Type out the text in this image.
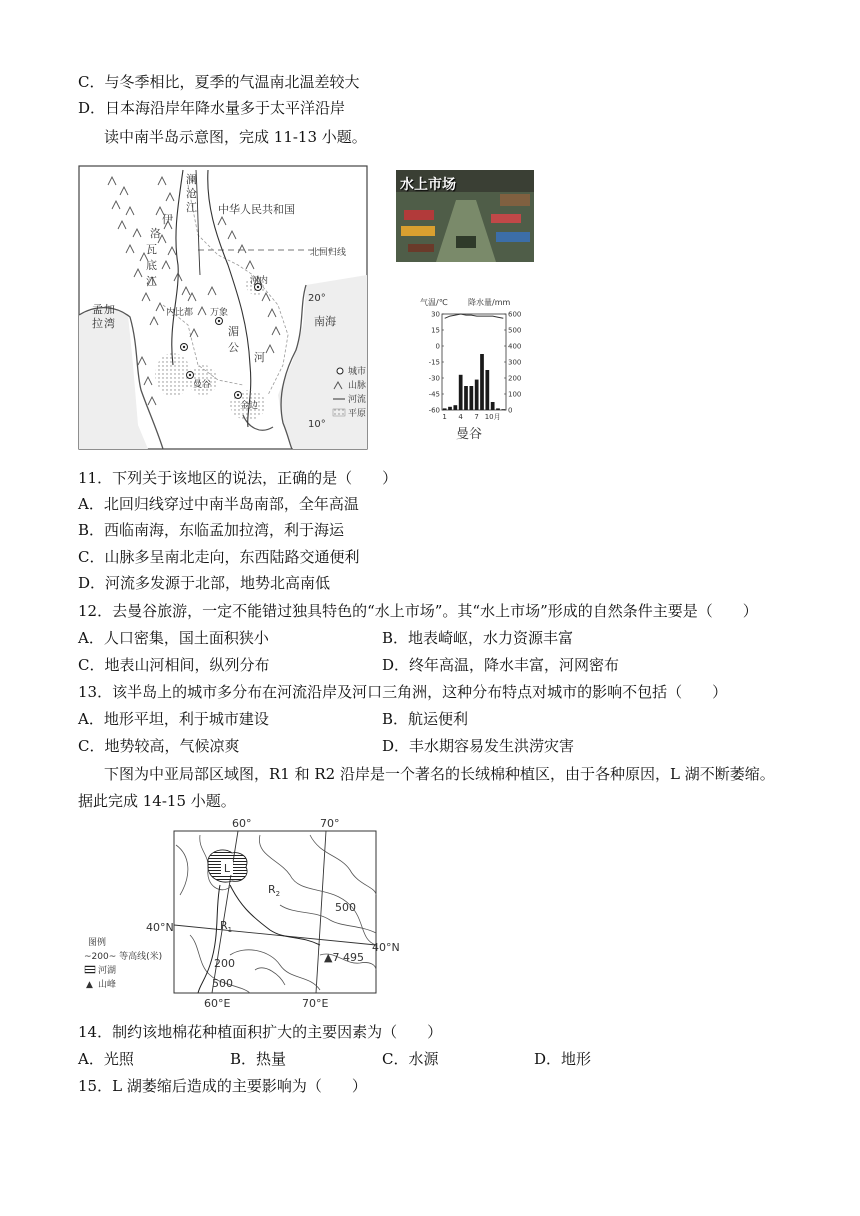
C．与冬季相比，夏季的气温南北温差较大
D．日本海沿岸年降水量多于太平洋沿岸
读中南半岛示意图，完成 11-13 小题。
澜
沧
江 中华人民共和国
北回归线
伊
洛
瓦
底
江	河内
内比都 万象
孟 加
拉 湾	南海
湄
公
河
曼谷
金边
20°
10°
城市
山脉
河流
平原
水上市场
气温/℃	降水量/mm
30
15
0
-15
-30
-45
-60
600
500
400
300
200
100
0
1 4 7 10月
曼谷
11．下列关于该地区的说法，正确的是（　　）
A．北回归线穿过中南半岛南部，全年高温
B．西临南海，东临孟加拉湾，利于海运
C．山脉多呈南北走向，东西陆路交通便利
D．河流多发源于北部，地势北高南低
12．去曼谷旅游，一定不能错过独具特色的“水上市场”。其“水上市场”形成的自然条件主要是（　　）
A．人口密集，国土面积狭小	B．地表崎岖，水力资源丰富
C．地表山河相间，纵列分布	D．终年高温，降水丰富，河网密布
13．该半岛上的城市多分布在河流沿岸及河口三角洲，这种分布特点对城市的影响不包括（　　）
A．地形平坦，利于城市建设	B．航运便利
C．地势较高，气候凉爽	D．丰水期容易发生洪涝灾害
下图为中亚局部区域图，R1 和 R2 沿岸是一个著名的长绒棉种植区，由于各种原因，L 湖不断萎缩。
据此完成 14-15 小题。
L
60°	70°
60°E	70°E
40°N
40°N
$R_2$
$R_1$
500
200
500
▲7 495
图例
~200~ 等高线(米)
河湖
▲ 山峰
14．制约该地棉花种植面积扩大的主要因素为（　　）
A．光照	B．热量	C．水源	D．地形
15．L 湖萎缩后造成的主要影响为（　　）
